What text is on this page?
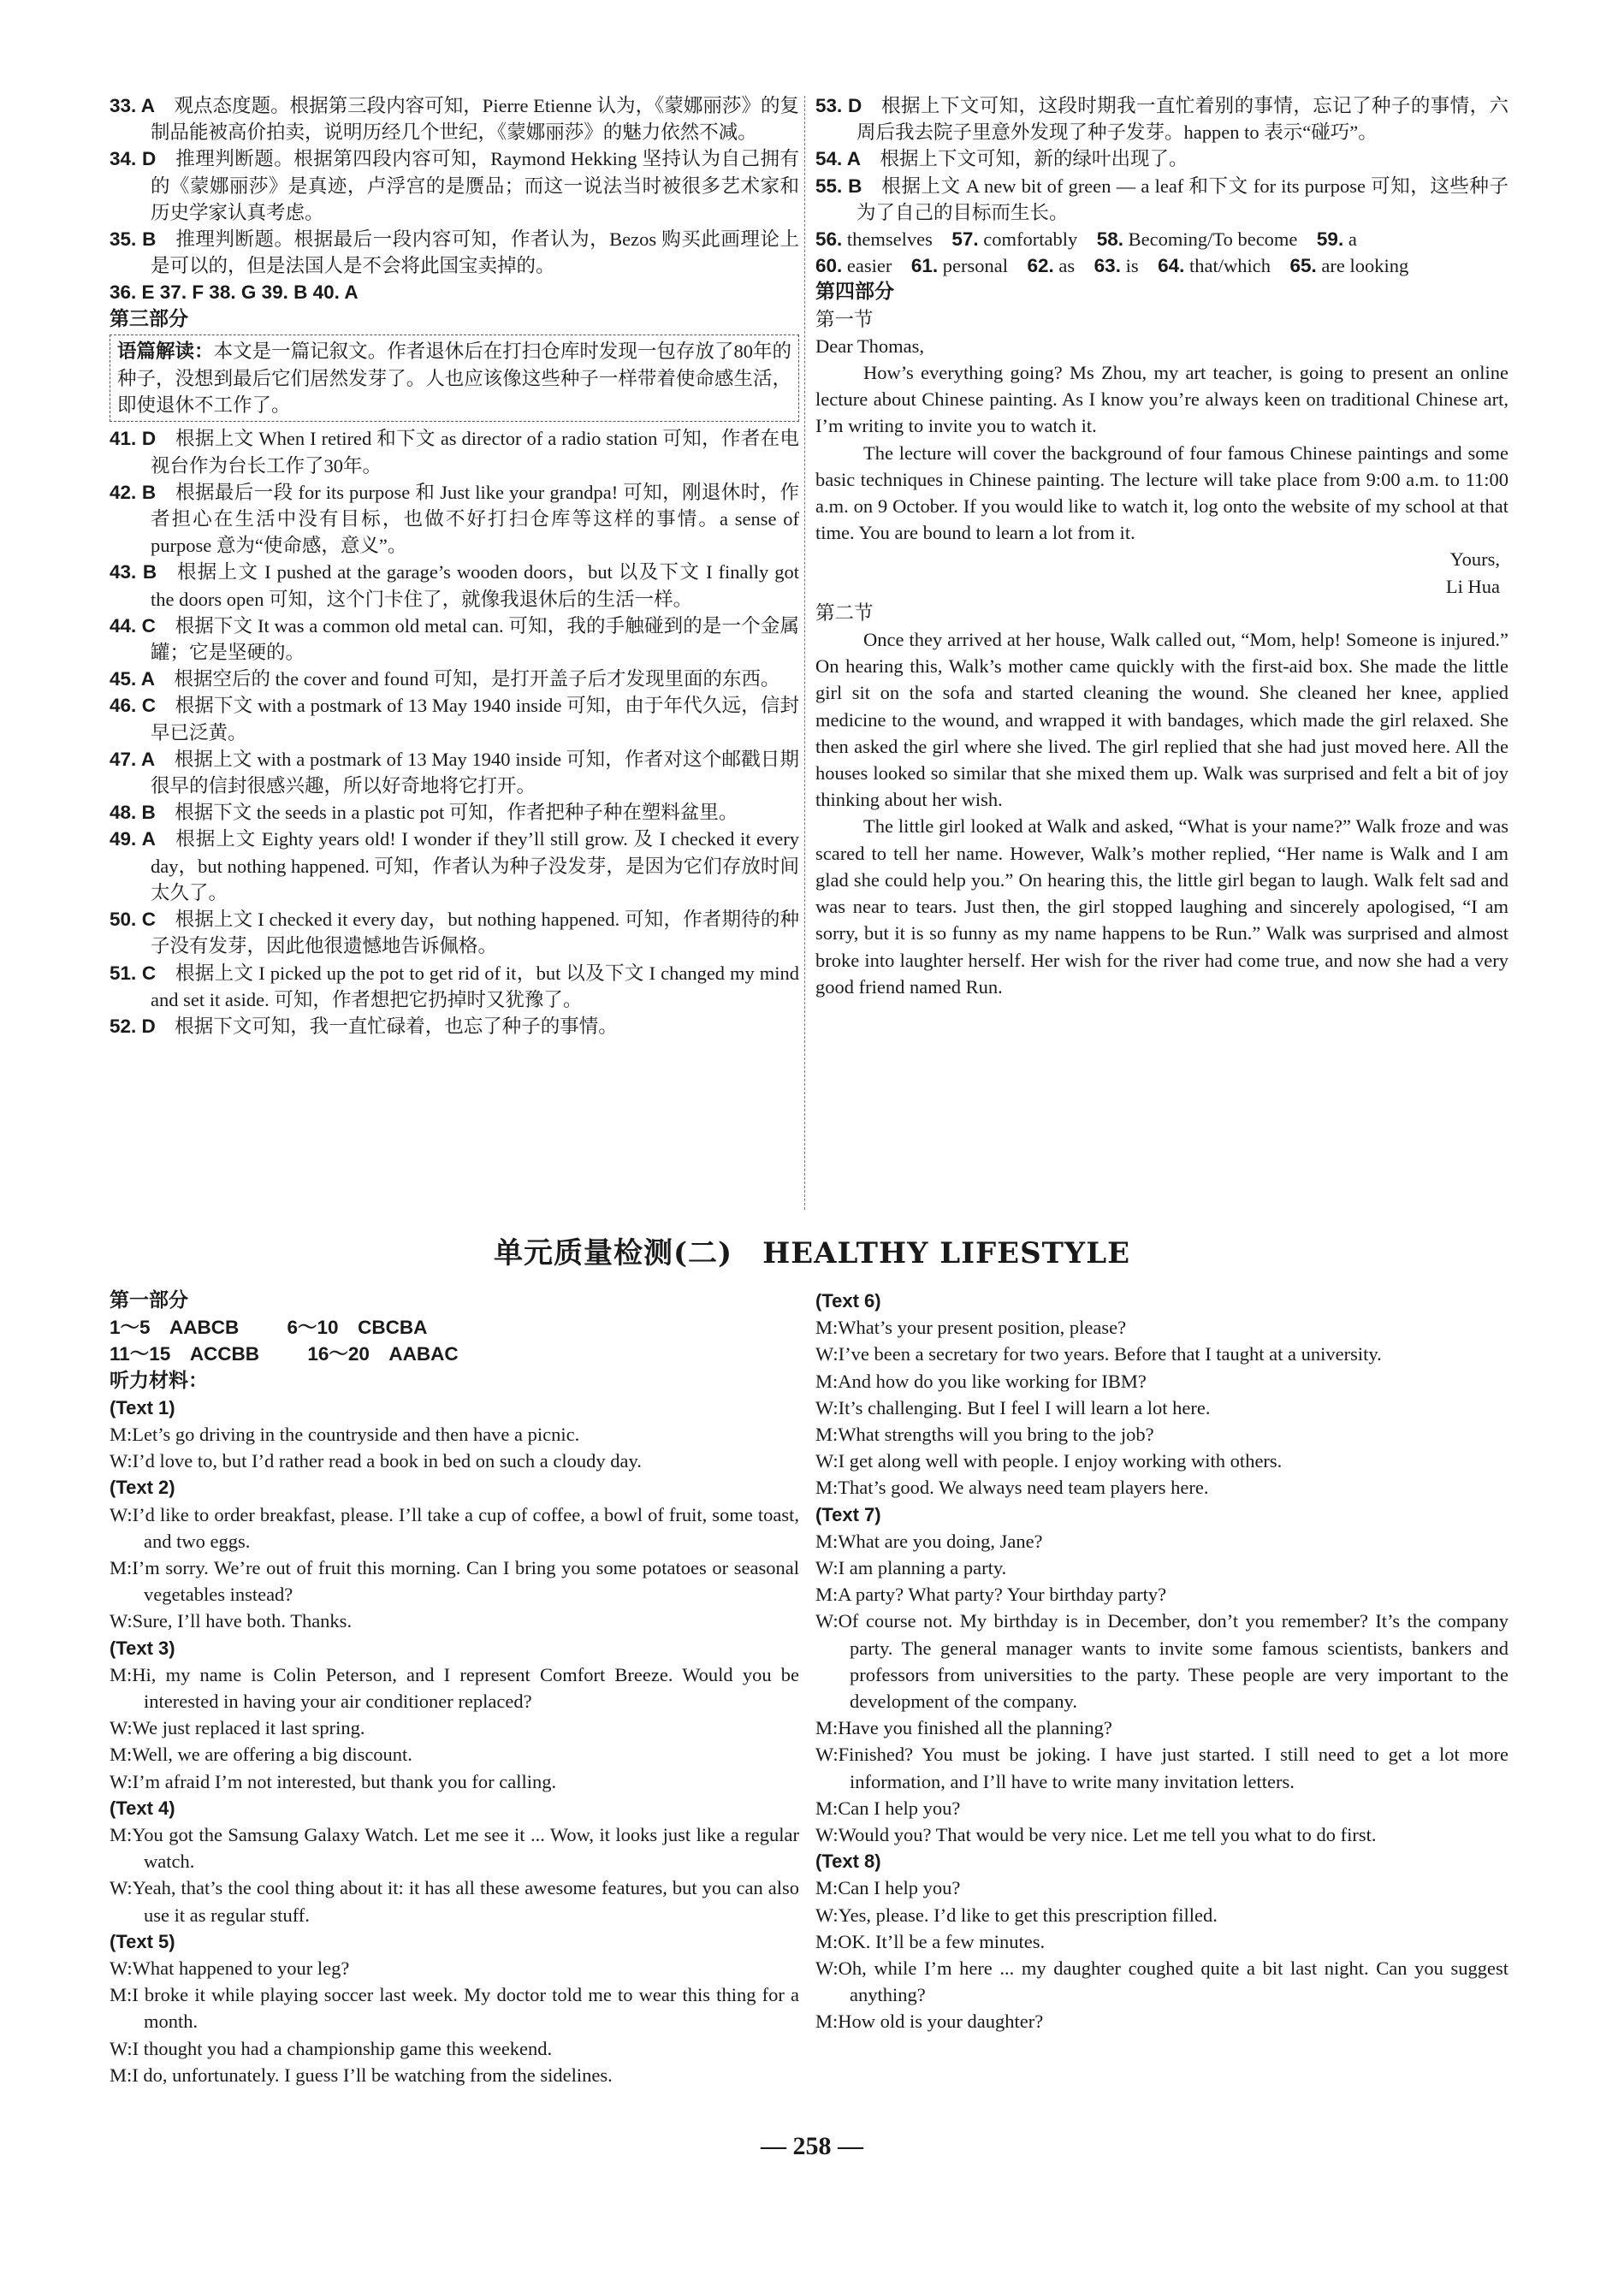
33. A  观点态度题。根据第三段内容可知，Pierre Etienne 认为，《蒙娜丽莎》的复制品能被高价拍卖，说明历经几个世纪，《蒙娜丽莎》的魅力依然不减。

34. D  推理判断题。根据第四段内容可知，Raymond Hekking 坚持认为自己拥有的《蒙娜丽莎》是真迹，卢浮宫的是赝品；而这一说法当时被很多艺术家和历史学家认真考虑。

35. B  推理判断题。根据最后一段内容可知，作者认为，Bezos 购买此画理论上是可以的，但是法国人是不会将此国宝卖掉的。

36. E 37. F 38. G 39. B 40. A

第三部分

语篇解读：本文是一篇记叙文。作者退休后在打扫仓库时发现一包存放了80年的种子，没想到最后它们居然发芽了。人也应该像这些种子一样带着使命感生活，即使退休不工作了。

41. D  根据上文 When I retired 和下文 as director of a radio station 可知，作者在电视台作为台长工作了30年。

42. B  根据最后一段 for its purpose 和 Just like your grandpa! 可知，刚退休时，作者担心在生活中没有目标，也做不好打扫仓库等这样的事情。a sense of purpose 意为“使命感，意义”。

43. B  根据上文 I pushed at the garage’s wooden doors，but 以及下文 I finally got the doors open 可知，这个门卡住了，就像我退休后的生活一样。

44. C  根据下文 It was a common old metal can. 可知，我的手触碰到的是一个金属罐；它是坚硬的。

45. A  根据空后的 the cover and found 可知，是打开盖子后才发现里面的东西。

46. C  根据下文 with a postmark of 13 May 1940 inside 可知，由于年代久远，信封早已泛黄。

47. A  根据上文 with a postmark of 13 May 1940 inside 可知，作者对这个邮戳日期很早的信封很感兴趣，所以好奇地将它打开。

48. B  根据下文 the seeds in a plastic pot 可知，作者把种子种在塑料盆里。

49. A  根据上文 Eighty years old! I wonder if they’ll still grow. 及 I checked it every day，but nothing happened. 可知，作者认为种子没发芽，是因为它们存放时间太久了。

50. C  根据上文 I checked it every day，but nothing happened. 可知，作者期待的种子没有发芽，因此他很遗憾地告诉佩格。

51. C  根据上文 I picked up the pot to get rid of it，but 以及下文 I changed my mind and set it aside. 可知，作者想把它扔掉时又犹豫了。

52. D  根据下文可知，我一直忙碌着，也忘了种子的事情。

53. D  根据上下文可知，这段时期我一直忙着别的事情，忘记了种子的事情，六周后我去院子里意外发现了种子发芽。happen to 表示“碰巧”。

54. A  根据上下文可知，新的绿叶出现了。

55. B  根据上文 A new bit of green — a leaf 和下文 for its purpose 可知，这些种子为了自己的目标而生长。

56. themselves  57. comfortably  58. Becoming/To become  59. a 

60. easier  61. personal  62. as  63. is  64. that/which  65. are looking 

第四部分

第一节

Dear Thomas,

How’s everything going? Ms Zhou, my art teacher, is going to present an online lecture about Chinese painting. As I know you’re always keen on traditional Chinese art, I’m writing to invite you to watch it.

The lecture will cover the background of four famous Chinese paintings and some basic techniques in Chinese painting. The lecture will take place from 9:00 a.m. to 11:00 a.m. on 9 October. If you would like to watch it, log onto the website of my school at that time. You are bound to learn a lot from it.

Yours,

Li Hua

第二节

Once they arrived at her house, Walk called out, “Mom, help! Someone is injured.” On hearing this, Walk’s mother came quickly with the first-aid box. She made the little girl sit on the sofa and started cleaning the wound. She cleaned her knee, applied medicine to the wound, and wrapped it with bandages, which made the girl relaxed. She then asked the girl where she lived. The girl replied that she had just moved here. All the houses looked so similar that she mixed them up. Walk was surprised and felt a bit of joy thinking about her wish.

The little girl looked at Walk and asked, “What is your name?” Walk froze and was scared to tell her name. However, Walk’s mother replied, “Her name is Walk and I am glad she could help you.” On hearing this, the little girl began to laugh. Walk felt sad and was near to tears. Just then, the girl stopped laughing and sincerely apologised, “I am sorry, but it is so funny as my name happens to be Run.” Walk was surprised and almost broke into laughter herself. Her wish for the river had come true, and now she had a very good friend named Run.

单元质量检测(二)　HEALTHY LIFESTYLE

第一部分

1～5  AABCB   	6～10  CBCBA 

11～15  ACCBB   	16～20  AABAC 

听力材料：

(Text 1)

M:Let’s go driving in the countryside and then have a picnic.

W:I’d love to, but I’d rather read a book in bed on such a cloudy day.

(Text 2)

W:I’d like to order breakfast, please. I’ll take a cup of coffee, a bowl of fruit, some toast, and two eggs.

M:I’m sorry. We’re out of fruit this morning. Can I bring you some potatoes or seasonal vegetables instead?

W:Sure, I’ll have both. Thanks.

(Text 3)

M:Hi, my name is Colin Peterson, and I represent Comfort Breeze. Would you be interested in having your air conditioner replaced?

W:We just replaced it last spring.

M:Well, we are offering a big discount.

W:I’m afraid I’m not interested, but thank you for calling.

(Text 4)

M:You got the Samsung Galaxy Watch. Let me see it ... Wow, it looks just like a regular watch.

W:Yeah, that’s the cool thing about it: it has all these awesome features, but you can also use it as regular stuff.

(Text 5)

W:What happened to your leg?

M:I broke it while playing soccer last week. My doctor told me to wear this thing for a month.

W:I thought you had a championship game this weekend.

M:I do, unfortunately. I guess I’ll be watching from the sidelines.

(Text 6)

M:What’s your present position, please?

W:I’ve been a secretary for two years. Before that I taught at a university.

M:And how do you like working for IBM?

W:It’s challenging. But I feel I will learn a lot here.

M:What strengths will you bring to the job?

W:I get along well with people. I enjoy working with others.

M:That’s good. We always need team players here.

(Text 7)

M:What are you doing, Jane?

W:I am planning a party.

M:A party? What party? Your birthday party?

W:Of course not. My birthday is in December, don’t you remember? It’s the company party. The general manager wants to invite some famous scientists, bankers and professors from universities to the party. These people are very important to the development of the company.

M:Have you finished all the planning?

W:Finished? You must be joking. I have just started. I still need to get a lot more information, and I’ll have to write many invitation letters.

M:Can I help you?

W:Would you? That would be very nice. Let me tell you what to do first.

(Text 8)

M:Can I help you?

W:Yes, please. I’d like to get this prescription filled.

M:OK. It’ll be a few minutes.

W:Oh, while I’m here ... my daughter coughed quite a bit last night. Can you suggest anything?

M:How old is your daughter?

— 258 —
